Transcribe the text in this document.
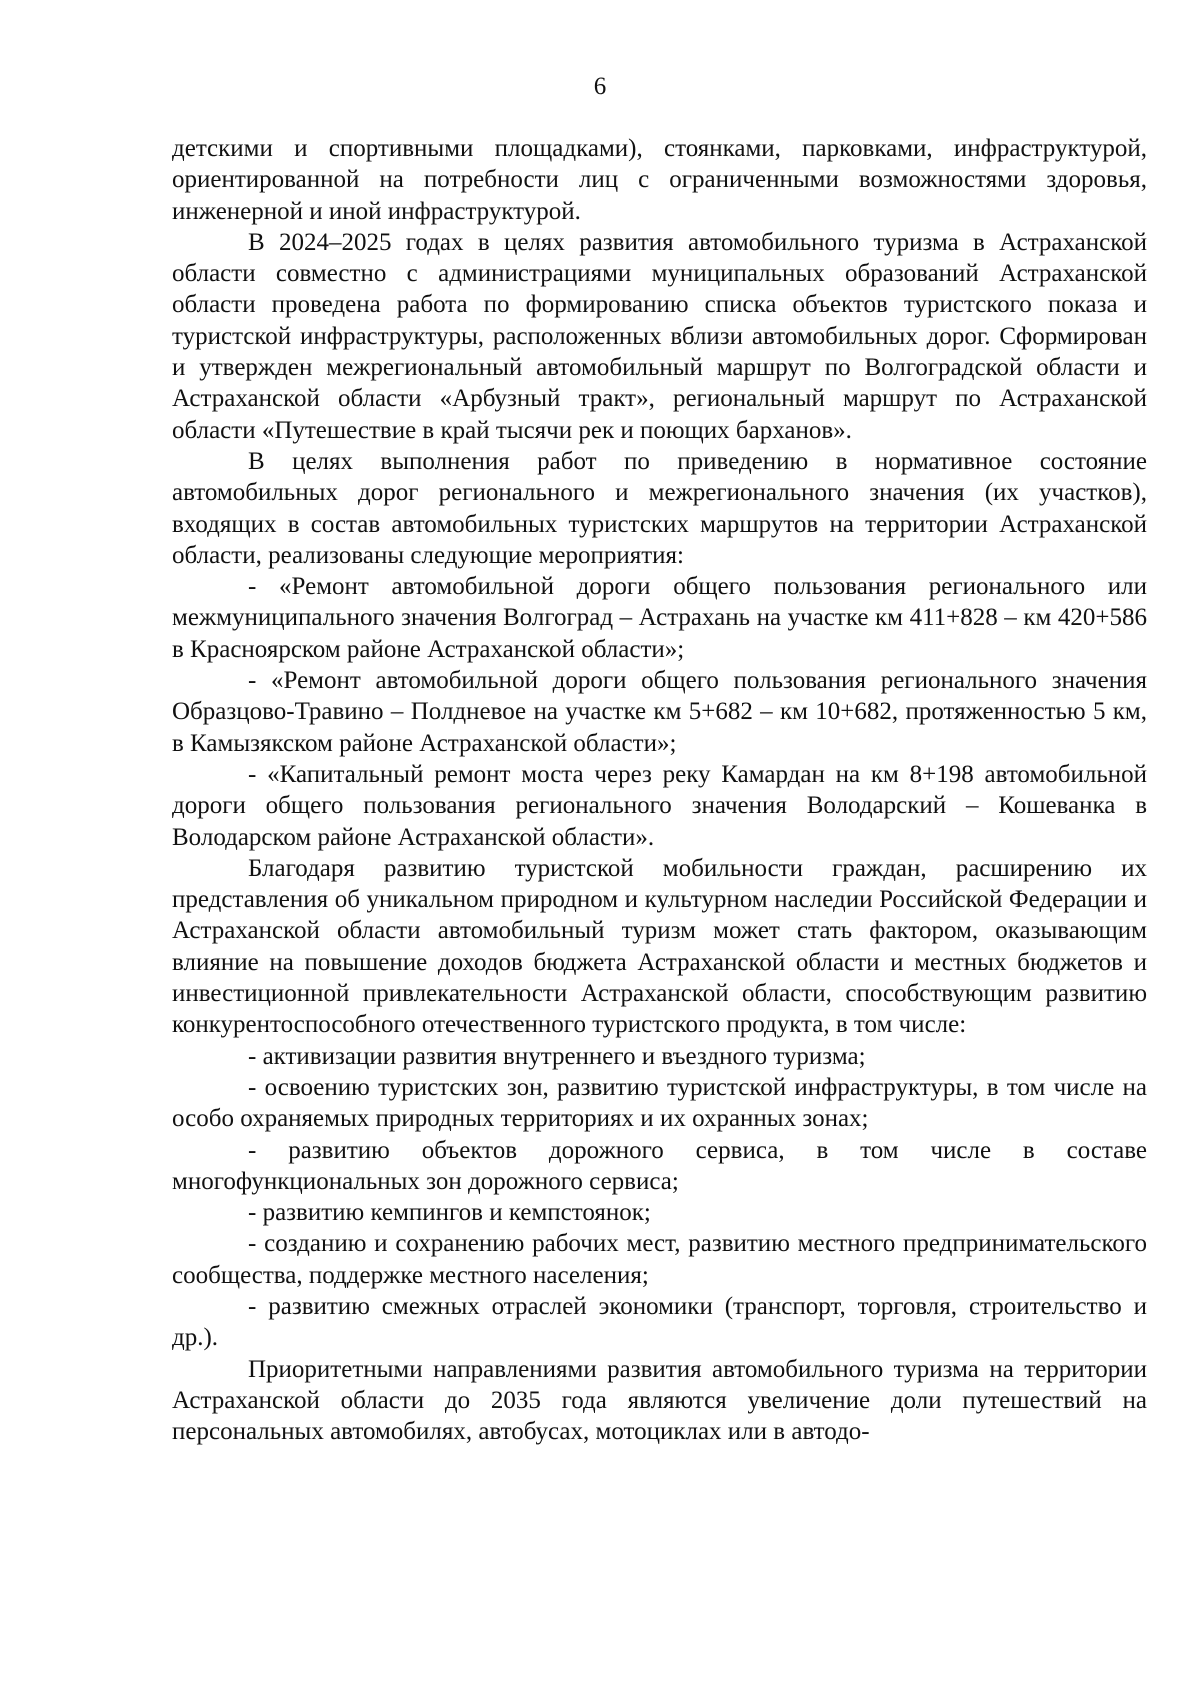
6

детскими и спортивными площадками), стоянками, парковками, инфраструктурой, ориентированной на потребности лиц с ограниченными возможностями здоровья, инженерной и иной инфраструктурой.

В 2024–2025 годах в целях развития автомобильного туризма в Астраханской области совместно с администрациями муниципальных образований Астраханской области проведена работа по формированию списка объектов туристского показа и туристской инфраструктуры, расположенных вблизи автомобильных дорог. Сформирован и утвержден межрегиональный автомобильный маршрут по Волгоградской области и Астраханской области «Арбузный тракт», региональный маршрут по Астраханской области «Путешествие в край тысячи рек и поющих барханов».

В целях выполнения работ по приведению в нормативное состояние автомобильных дорог регионального и межрегионального значения (их участков), входящих в состав автомобильных туристских маршрутов на территории Астраханской области, реализованы следующие мероприятия:

- «Ремонт автомобильной дороги общего пользования регионального или межмуниципального значения Волгоград – Астрахань на участке км 411+828 – км 420+586 в Красноярском районе Астраханской области»;

- «Ремонт автомобильной дороги общего пользования регионального значения Образцово-Травино – Полдневое на участке км 5+682 – км 10+682, протяженностью 5 км, в Камызякском районе Астраханской области»;

- «Капитальный ремонт моста через реку Камардан на км 8+198 автомобильной дороги общего пользования регионального значения Володарский – Кошеванка в Володарском районе Астраханской области».

Благодаря развитию туристской мобильности граждан, расширению их представления об уникальном природном и культурном наследии Российской Федерации и Астраханской области автомобильный туризм может стать фактором, оказывающим влияние на повышение доходов бюджета Астраханской области и местных бюджетов и инвестиционной привлекательности Астраханской области, способствующим развитию конкурентоспособного отечественного туристского продукта, в том числе:

- активизации развития внутреннего и въездного туризма;

- освоению туристских зон, развитию туристской инфраструктуры, в том числе на особо охраняемых природных территориях и их охранных зонах;

- развитию объектов дорожного сервиса, в том числе в составе многофункциональных зон дорожного сервиса;

- развитию кемпингов и кемпстоянок;

- созданию и сохранению рабочих мест, развитию местного предпринимательского сообщества, поддержке местного населения;

- развитию смежных отраслей экономики (транспорт, торговля, строительство и др.).

Приоритетными направлениями развития автомобильного туризма на территории Астраханской области до 2035 года являются увеличение доли путешествий на персональных автомобилях, автобусах, мотоциклах или в автодо-
